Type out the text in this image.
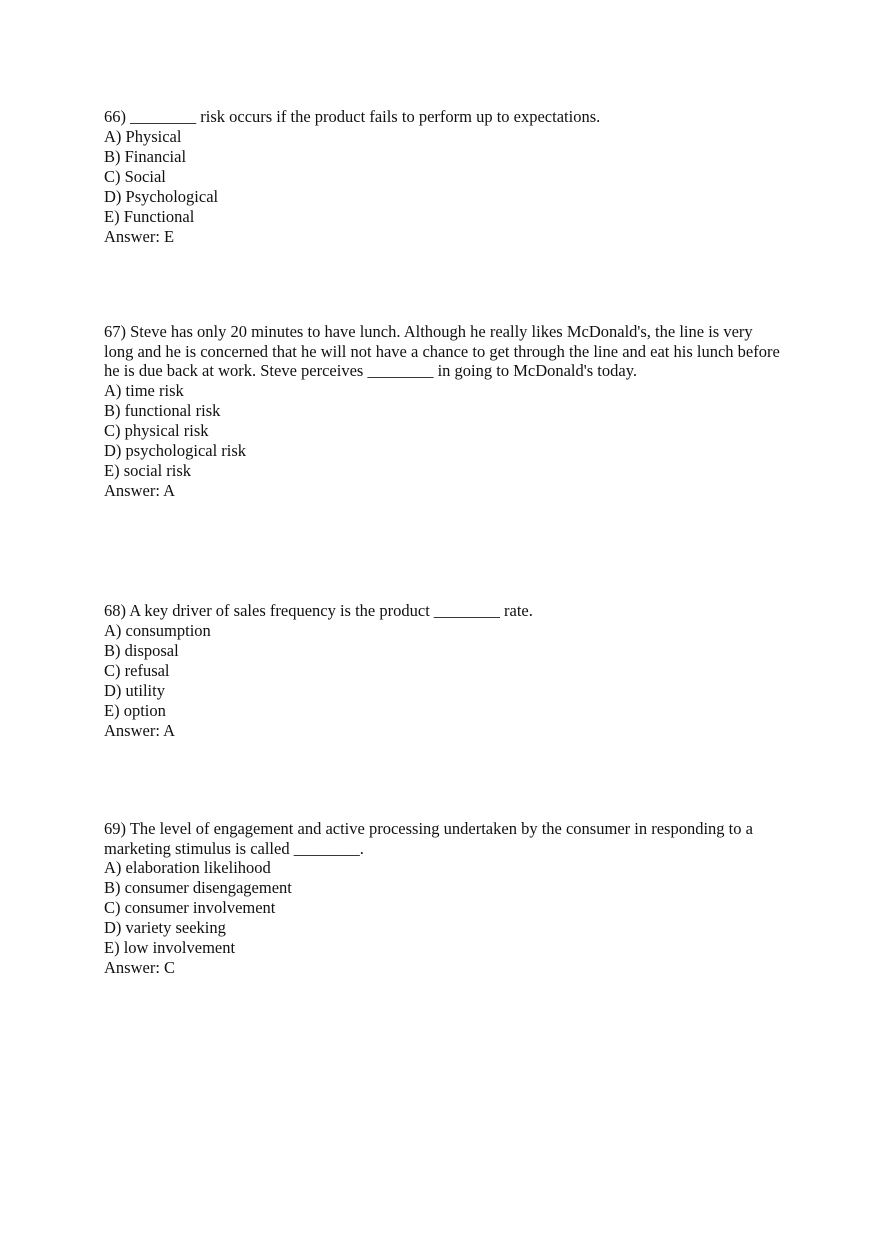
66) ________ risk occurs if the product fails to perform up to expectations.

A) Physical

B) Financial

C) Social

D) Psychological

E) Functional

Answer: E

67) Steve has only 20 minutes to have lunch. Although he really likes McDonald's, the line is very long and he is concerned that he will not have a chance to get through the line and eat his lunch before he is due back at work. Steve perceives ________ in going to McDonald's today.

A) time risk

B) functional risk

C) physical risk

D) psychological risk

E) social risk

Answer: A

68) A key driver of sales frequency is the product ________ rate.

A) consumption

B) disposal

C) refusal

D) utility

E) option

Answer: A

69) The level of engagement and active processing undertaken by the consumer in responding to a marketing stimulus is called ________.

A) elaboration likelihood

B) consumer disengagement

C) consumer involvement

D) variety seeking

E) low involvement

Answer: C
